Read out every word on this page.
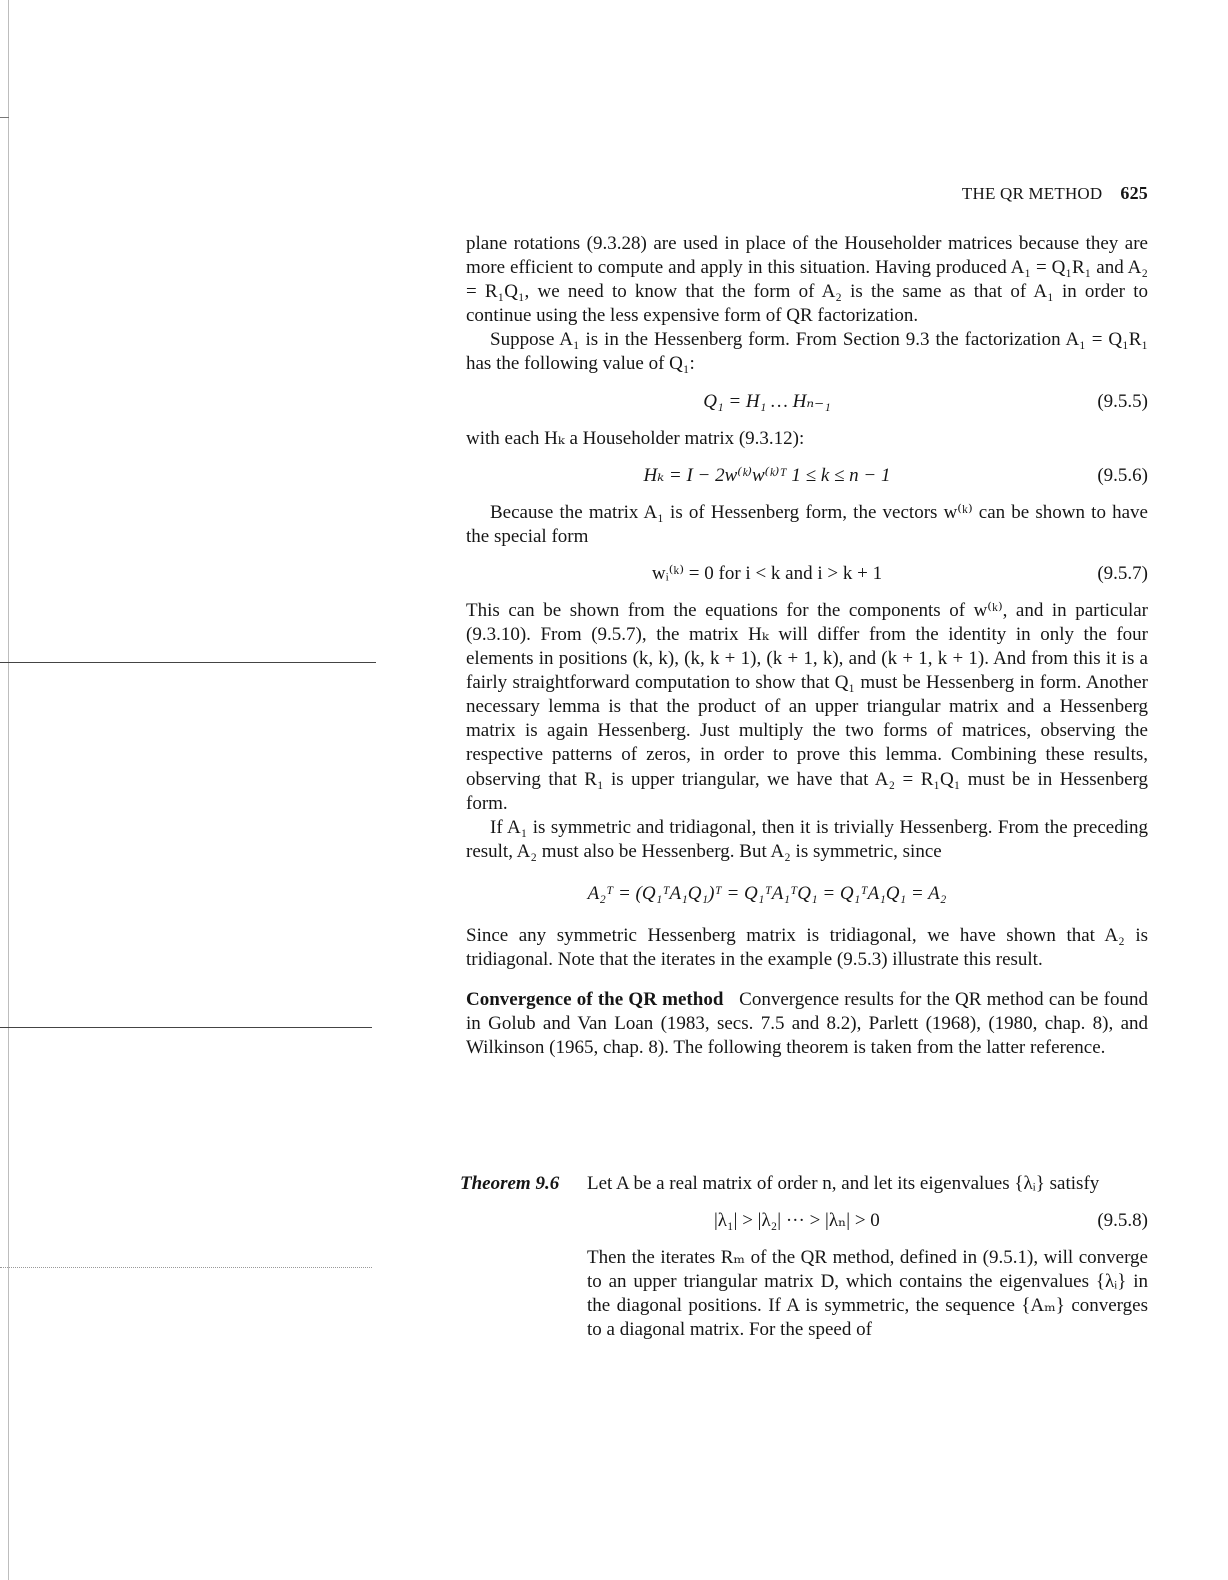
THE QR METHOD 625

plane rotations (9.3.28) are used in place of the Householder matrices because they are more efficient to compute and apply in this situation. Having produced A₁ = Q₁R₁ and A₂ = R₁Q₁, we need to know that the form of A₂ is the same as that of A₁ in order to continue using the less expensive form of QR factorization.

Suppose A₁ is in the Hessenberg form. From Section 9.3 the factorization A₁ = Q₁R₁ has the following value of Q₁:

Q₁ = H₁ … Hₙ₋₁	(9.5.5)

with each Hₖ a Householder matrix (9.3.12):

Hₖ = I − 2w⁽ᵏ⁾w⁽ᵏ⁾ᵀ 1 ≤ k ≤ n − 1	(9.5.6)

Because the matrix A₁ is of Hessenberg form, the vectors w⁽ᵏ⁾ can be shown to have the special form

wᵢ⁽ᵏ⁾ = 0 for i < k and i > k + 1	(9.5.7)

This can be shown from the equations for the components of w⁽ᵏ⁾, and in particular (9.3.10). From (9.5.7), the matrix Hₖ will differ from the identity in only the four elements in positions (k, k), (k, k + 1), (k + 1, k), and (k + 1, k + 1). And from this it is a fairly straightforward computation to show that Q₁ must be Hessenberg in form. Another necessary lemma is that the product of an upper triangular matrix and a Hessenberg matrix is again Hessenberg. Just multiply the two forms of matrices, observing the respective patterns of zeros, in order to prove this lemma. Combining these results, observing that R₁ is upper triangular, we have that A₂ = R₁Q₁ must be in Hessenberg form.

If A₁ is symmetric and tridiagonal, then it is trivially Hessenberg. From the preceding result, A₂ must also be Hessenberg. But A₂ is symmetric, since

A₂ᵀ = (Q₁ᵀA₁Q₁)ᵀ = Q₁ᵀA₁ᵀQ₁ = Q₁ᵀA₁Q₁ = A₂

Since any symmetric Hessenberg matrix is tridiagonal, we have shown that A₂ is tridiagonal. Note that the iterates in the example (9.5.3) illustrate this result.

Convergence of the QR method Convergence results for the QR method can be found in Golub and Van Loan (1983, secs. 7.5 and 8.2), Parlett (1968), (1980, chap. 8), and Wilkinson (1965, chap. 8). The following theorem is taken from the latter reference.

Theorem 9.6 Let A be a real matrix of order n, and let its eigenvalues {λᵢ} satisfy

|λ₁| > |λ₂| ··· > |λₙ| > 0	(9.5.8)

Then the iterates Rₘ of the QR method, defined in (9.5.1), will converge to an upper triangular matrix D, which contains the eigenvalues {λᵢ} in the diagonal positions. If A is symmetric, the sequence {Aₘ} converges to a diagonal matrix. For the speed of
